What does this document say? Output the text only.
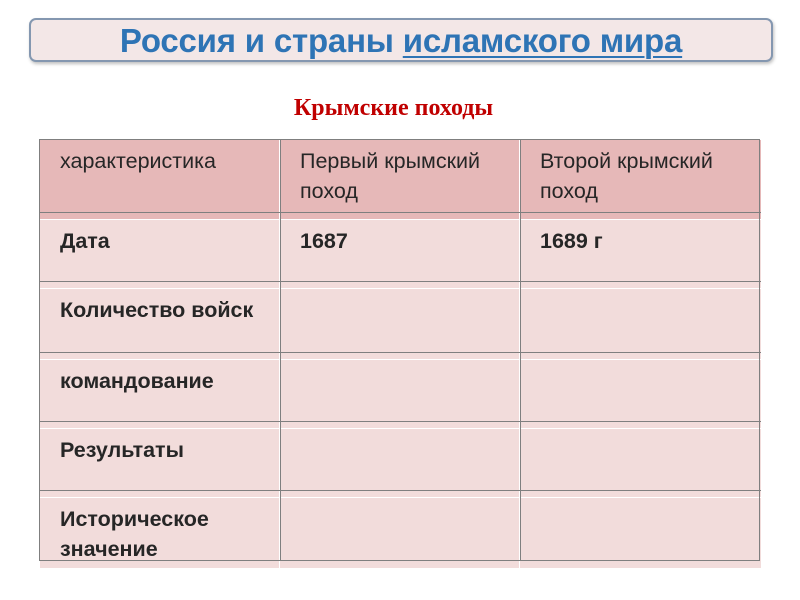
Россия и страны исламского мира
Крымские походы
характеристика	Первый крымский поход	Второй крымский поход
Дата	1687	1689 г
Количество войск		
командование		
Результаты		
Историческое значение		
